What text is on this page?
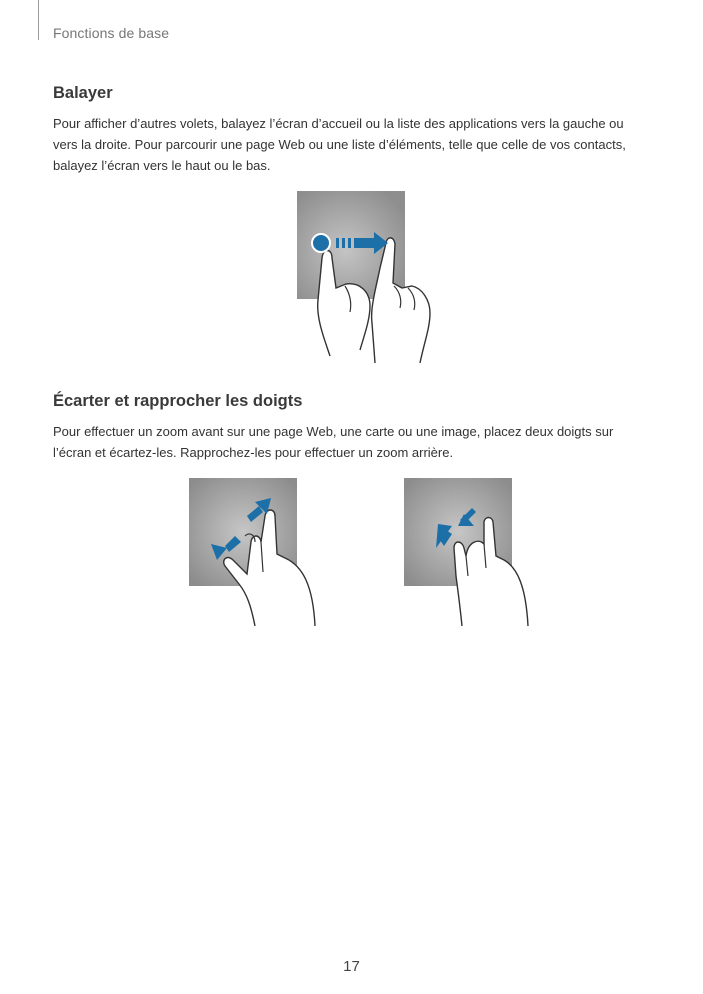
Fonctions de base
Balayer
Pour afficher d’autres volets, balayez l’écran d’accueil ou la liste des applications vers la gauche ou
vers la droite. Pour parcourir une page Web ou une liste d’éléments, telle que celle de vos contacts,
balayez l’écran vers le haut ou le bas.
Écarter et rapprocher les doigts
Pour effectuer un zoom avant sur une page Web, une carte ou une image, placez deux doigts sur
l’écran et écartez-les. Rapprochez-les pour effectuer un zoom arrière.
17
